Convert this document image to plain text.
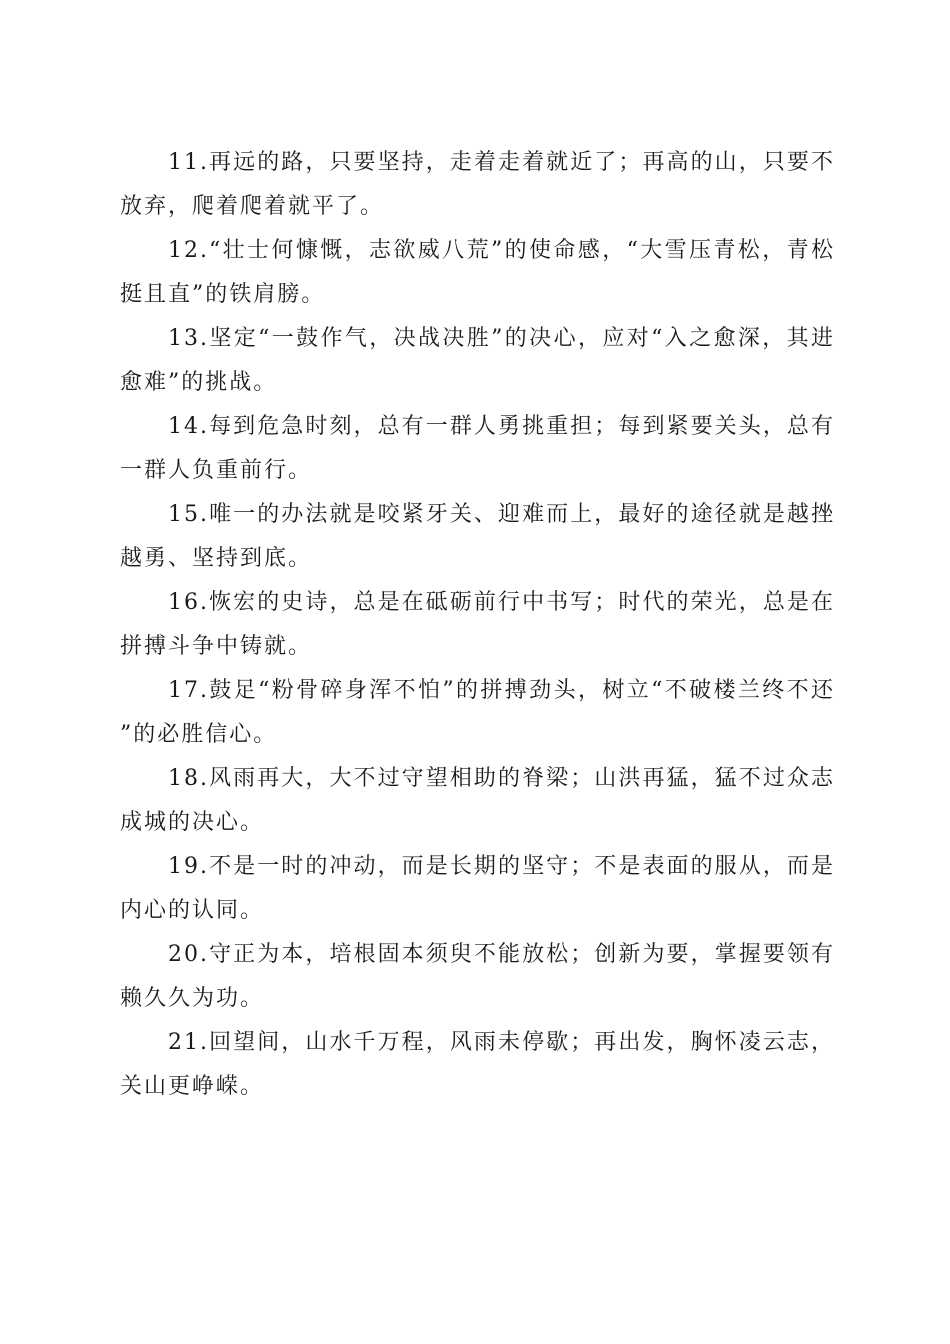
11.再远的路，只要坚持，走着走着就近了；再高的山，只要不放弃，爬着爬着就平了。

12.“壮士何慷慨，志欲威八荒”的使命感，“大雪压青松，青松挺且直”的铁肩膀。

13.坚定“一鼓作气，决战决胜”的决心，应对“入之愈深，其进愈难”的挑战。

14.每到危急时刻，总有一群人勇挑重担；每到紧要关头，总有一群人负重前行。

15.唯一的办法就是咬紧牙关、迎难而上，最好的途径就是越挫越勇、坚持到底。

16.恢宏的史诗，总是在砥砺前行中书写；时代的荣光，总是在拼搏斗争中铸就。

17.鼓足“粉骨碎身浑不怕”的拼搏劲头，树立“不破楼兰终不还”的必胜信心。

18.风雨再大，大不过守望相助的脊梁；山洪再猛，猛不过众志成城的决心。

19.不是一时的冲动，而是长期的坚守；不是表面的服从，而是内心的认同。

20.守正为本，培根固本须臾不能放松；创新为要，掌握要领有赖久久为功。

21.回望间，山水千万程，风雨未停歇；再出发，胸怀凌云志，关山更峥嵘。
